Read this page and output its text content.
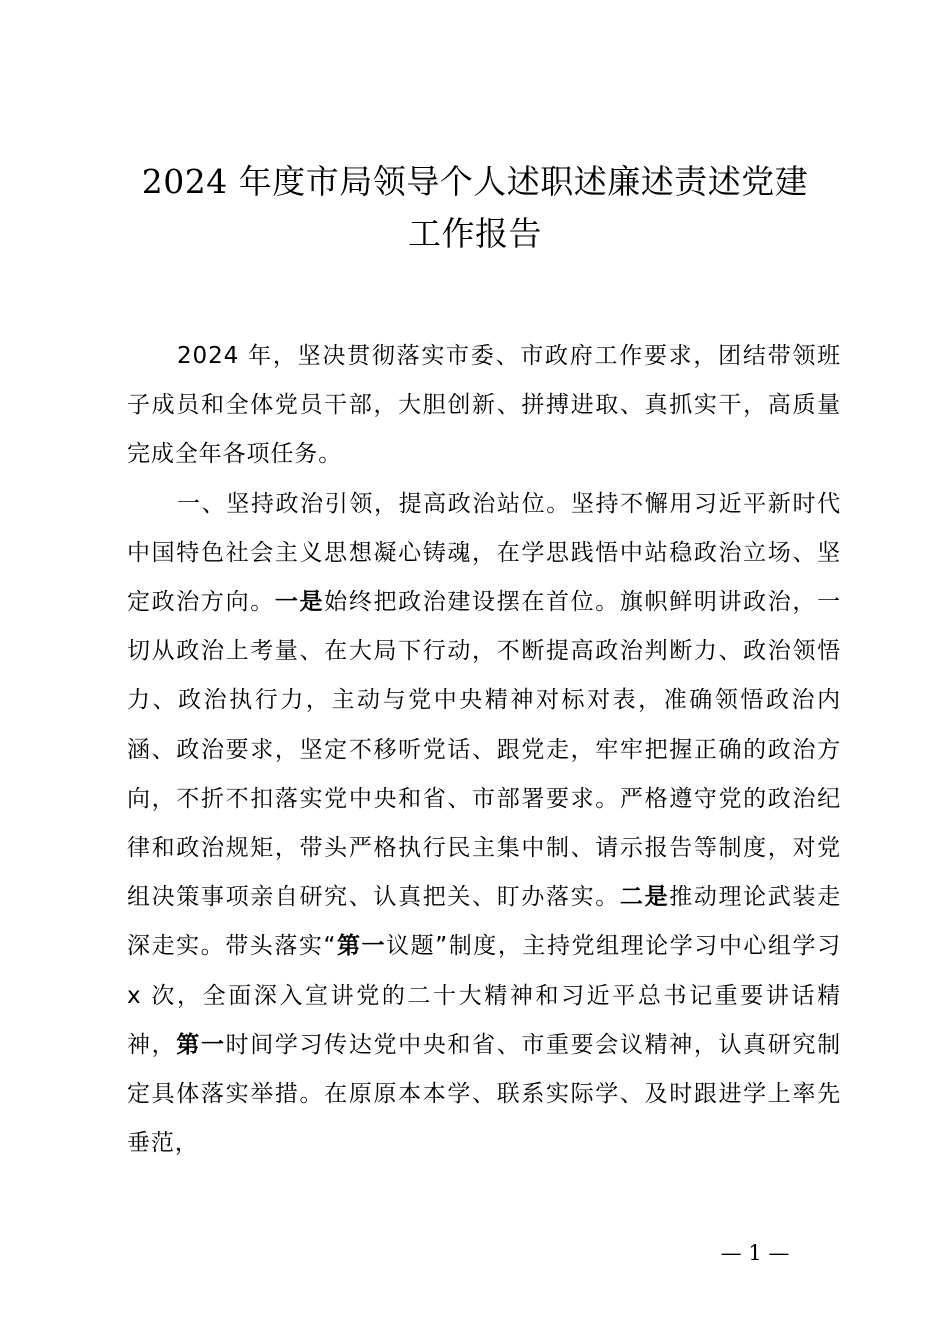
2024 年度市局领导个人述职述廉述责述党建
工作报告

2024 年，坚决贯彻落实市委、市政府工作要求，团结带领班子成员和全体党员干部，大胆创新、拼搏进取、真抓实干，高质量完成全年各项任务。

一、坚持政治引领，提高政治站位。坚持不懈用习近平新时代中国特色社会主义思想凝心铸魂，在学思践悟中站稳政治立场、坚定政治方向。一是始终把政治建设摆在首位。旗帜鲜明讲政治，一切从政治上考量、在大局下行动，不断提高政治判断力、政治领悟力、政治执行力，主动与党中央精神对标对表，准确领悟政治内涵、政治要求，坚定不移听党话、跟党走，牢牢把握正确的政治方向，不折不扣落实党中央和省、市部署要求。严格遵守党的政治纪律和政治规矩，带头严格执行民主集中制、请示报告等制度，对党组决策事项亲自研究、认真把关、盯办落实。二是推动理论武装走深走实。带头落实“第一议题”制度，主持党组理论学习中心组学习 x 次，全面深入宣讲党的二十大精神和习近平总书记重要讲话精神，第一时间学习传达党中央和省、市重要会议精神，认真研究制定具体落实举措。在原原本本学、联系实际学、及时跟进学上率先垂范，

— 1 —
